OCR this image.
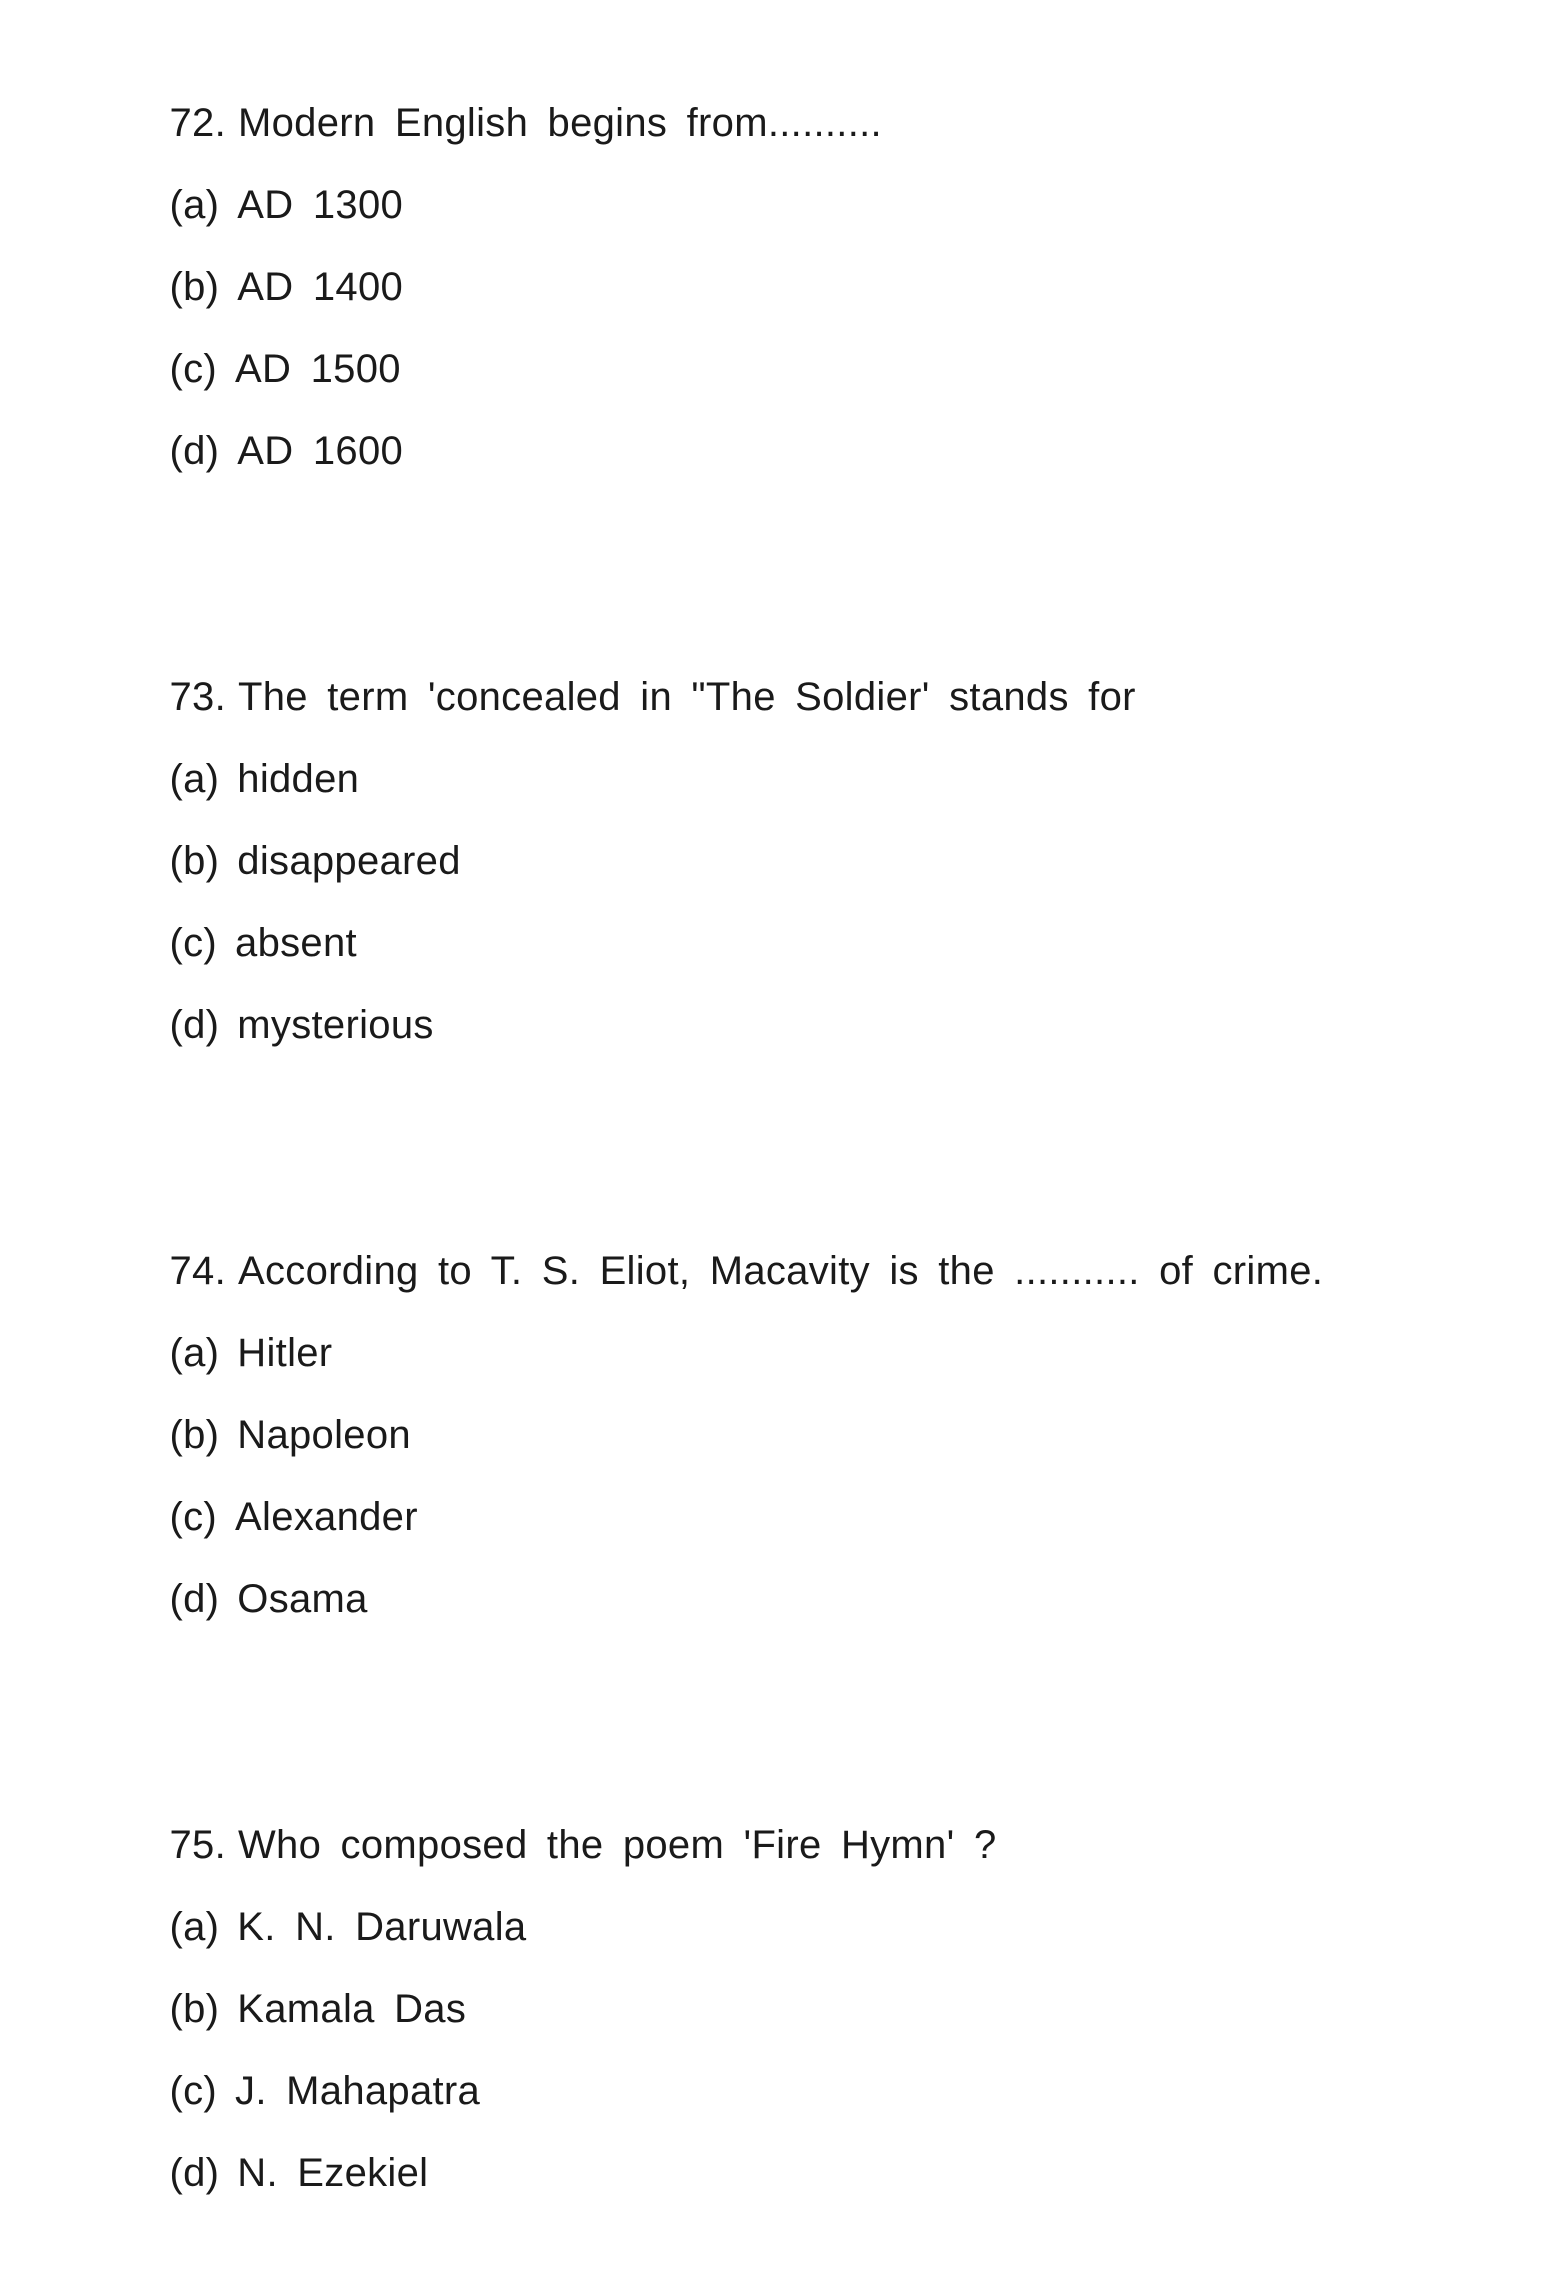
72. Modern English begins from..........

(a) AD 1300

(b) AD 1400

(c) AD 1500

(d) AD 1600

73. The term 'concealed in "The Soldier' stands for

(a) hidden

(b) disappeared

(c) absent

(d) mysterious

74. According to T. S. Eliot, Macavity is the ........... of crime.

(a) Hitler

(b) Napoleon

(c) Alexander

(d) Osama

75. Who composed the poem 'Fire Hymn' ?

(a) K. N. Daruwala

(b) Kamala Das

(c) J. Mahapatra

(d) N. Ezekiel
